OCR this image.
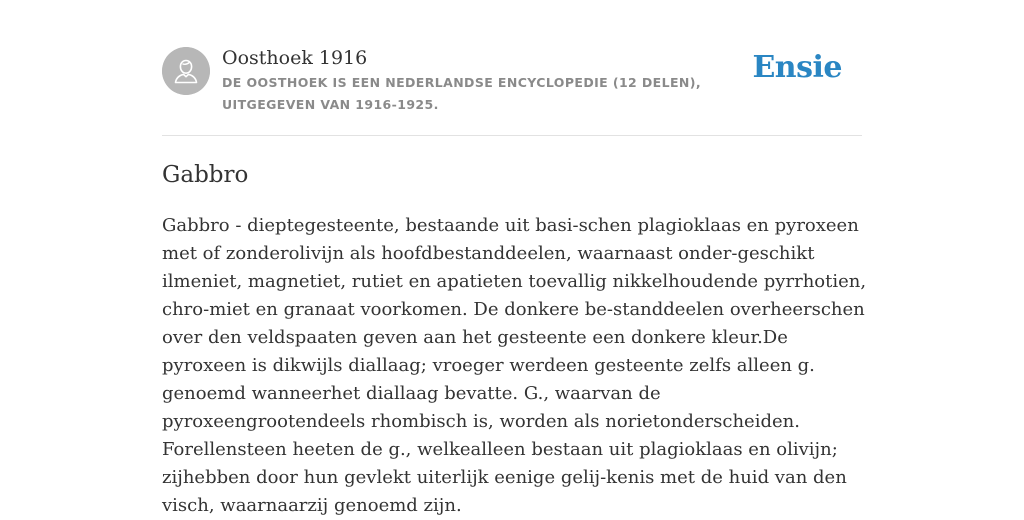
Oosthoek 1916
DE OOSTHOEK IS EEN NEDERLANDSE ENCYCLOPEDIE (12 DELEN), UITGEGEVEN VAN 1916-1925.
Ensie
Gabbro

Gabbro - dieptegesteente, bestaande uit basi-schen plagioklaas en pyroxeen met of zonderolivijn als hoofdbestanddeelen, waarnaast onder-geschikt ilmeniet, magnetiet, rutiet en apatieten toevallig nikkelhoudende pyrrhotien, chro-miet en granaat voorkomen. De donkere be-standdeelen overheerschen over den veldspaaten geven aan het gesteente een donkere kleur.De pyroxeen is dikwijls diallaag; vroeger werdeen gesteente zelfs alleen g. genoemd wanneerhet diallaag bevatte. G., waarvan de pyroxeengrootendeels rhombisch is, worden als norietonderscheiden. Forellensteen heeten de g., welkealleen bestaan uit plagioklaas en olivijn; zijhebben door hun gevlekt uiterlijk eenige gelij-kenis met de huid van den visch, waarnaarzij genoemd zijn.
